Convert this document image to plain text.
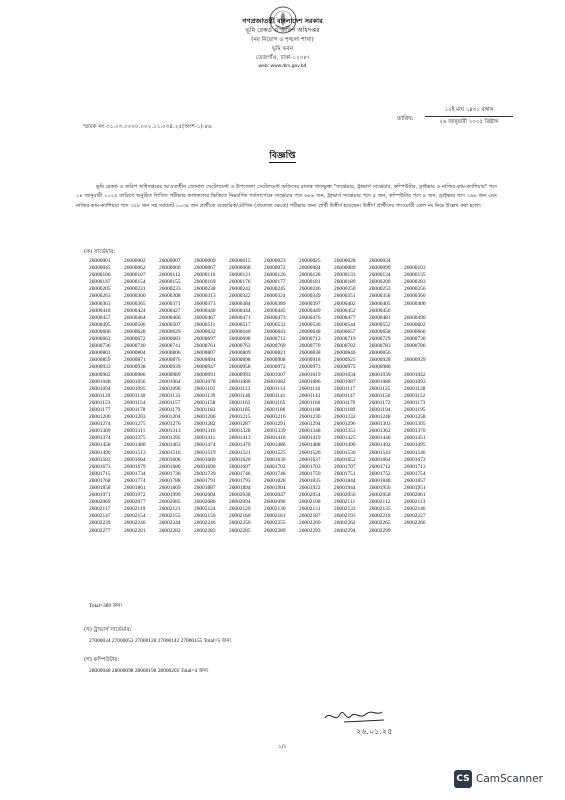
গণপ্রজাতন্ত্রী বাংলাদেশ সরকার
ভূমি রেকর্ড ও জরিপ অধিদপ্তর
(নব নিয়োগ ও শৃঙ্খলা শাখা)
ভূমি ভবন
তেজগাঁও, ঢাকা-১২০৮।
web: www.dlrs.gov.bd
স্মারক নং ৩১.০৩.০০০০.০০২.১১.০৩৪.২৫(অংশ-১)-৮৬
তারিখ:
১২ই মাঘ ১৪৩১ বঙ্গাব্দ
২৬ জানুয়ারী ২০২৫ খ্রিষ্টাব্দ
বিজ্ঞপ্তি
ভূমি রেকর্ড ও জরিপ অধিদপ্তরের আওতাধীন জোনাল সেটেলমেন্ট ও উপজেলা সেটেলমেন্ট অফিসের রাজস্ব খাতভুক্ত "সার্ভেয়ার, ট্রাভার্স সার্ভেয়ার, কম্পিউটার, ড্রাইভার ও নাজির-কাম-ক্যাশিয়ার" পদে ২৪ জানুয়ারী ২০২৫ তারিখে অনুষ্ঠিত লিখিত পরীক্ষার ফলাফলের ভিত্তিতে নিম্নবর্ণিত শর্তসাপেক্ষে সার্ভেয়ার পদে ৬৮৯ জন, ট্রাভার্স সার্ভেয়ার পদে ৫ জন, কম্পিউটার পদে ৪ জন, ড্রাইভার পদে ২৬৮ জন এবং নাজির-কাম-ক্যাশিয়ার পদে ৩২৮ জন সহ সর্বমোট ১০৩৪ জন প্রার্থীকে ব্যবহারিক/মৌখিক (প্রযোজ্য ক্ষেত্রে) পরীক্ষার জন্য প্রার্থী উত্তীর্ণ হয়েছেন। উত্তীর্ণ প্রার্থীদের পদওয়ারী রোল নং নিম্নে উল্লেখ করা হলো:
(ক) সার্ভেয়ার:
26000001	26000002	26000007	26000009	26000015	26000023	26000025	26000028	26000034
26000045	26000062	26000066	26000067	26000068	26000072	26000084	26000089	26000099	26000103
26000106	26000107	26000112	26000116	26000121	26000126	26000128	26000133	26000134	26000135
26000147	26000154	26000155	26000169	26000176	26000177	26000181	26000189	26000200	26000203
26000205	26000231	26000233	26000238	26000242	26000245	26000246	26000250	26000253	26000256
26000263	26000300	26000308	26000313	26000322	26000324	26000349	26000351	26000358	26000360
26000363	26000365	26000371	26000373	26000384	26000389	26000397	26000402	26000405	26000406
26000418	26000424	26000427	26000440	26000444	26000445	26000449	26000452	26000456
26000457	26000464	26000466	26000467	26000471	26000473	26000476	26000477	26000481	26000490
26000495	26000506	26000507	26000511	26000517	26000532	26000536	26000544	26000552	26000602
26000606	26000628	26000629	26000632	26000640	26000643	26000648	26000657	26000658	26000660
26000663	26000672	26000683	26000697	26000698	26000712	26000713	26000719	26000729	26000730
26000736	26000740	26000741	26000761	26000763	26000769	26000770	26000782	26000783	26000786
26000801	26000804	26000806	26000807	26000809	26000821	26000838	26000846	26000856
26000859	26000871	26000876	26000894	26000898	26000908	26000918	26000925	26000928	26000929
26000933	26000938	26000939	26000947	26000958	26000972	26000973	26000975	26000980
26000982	26000986	26000989	26000991	26000993	26001007	26001019	26001034	26001039	26001042
26001048	26001056	26001064	26001078	26001080	26001082	26001086	26001087	26001088	26001093
26001094	26001095	26001096	26001101	26001113	26001114	26001116	26001117	26001125	26001128
26001129	26001130	26001133	26001139	26001140	26001141	26001143	26001147	26001150	26001152
26001153	26001154	26001157	26001158	26001163	26001165	26001166	26001170	26001172	26001173
26001177	26001178	26001179	26001183	26001185	26001186	26001188	26001189	26001194	26001195
26001200	26001203	26001204	26001206	26001215	26001216	26001230	26001232	26001248	26001258
26001274	26001275	26001276	26001282	26001287	26001291	26001294	26001296	26001303	26001305
26001309	26001311	26001313	26001316	26001328	26001339	26001348	26001353	26001362	26001370
26001374	26001375	26001395	26001411	26001413	26001418	26001419	26001425	26001440	26001451
26001458	26001460	26001463	26001474	26001479	26001486	26001488	26001490	26001492	26001495
26001496	26001513	26001516	26001519	26001521	26001525	26001526	26001536	26001543	26001546
26001583	26001604	26001608	26001609	26001620	26001630	26001637	26001652	26001664	26001672
26001673	26001679	26001686	26001690	26001697	26001702	26001703	26001707	26001712	26001713
26001715	26001734	26001736	26001739	26001746	26001748	26001750	26001751	26001752	26001754
26001768	26001774	26001788	26001791	26001793	26001828	26001835	26001844	26001848	26001857
26001858	26001861	26001869	26001887	26001894	26001904	26001922	26001944	26001950	26001951
26001971	26001972	26001999	26002004	26002038	26002047	26002054	26002056	26002058	26002061
26002069	26002077	26002085	26002086	26002094	26002096	26002108	26002111	26002112	26002113
26002117	26002119	26002121	26002124	26002129	26002130	26002131	26002133	26002135	26002146
26002147	26002154	26002155	26002156	26002160	26002161	26002187	26002193	26002218	26002227
26002239	26002240	26002244	26002246	26002250	26002255	26002260	26002262	26002265	26002266
26002277	26002281	26002282	26002283	26002285	26002289	26002293	26002294	26002299
Total=389 জন।
(খ) ট্রাভার্স সার্ভেয়ার:
27000034 27000053 27000128 27000142 27000155 Total=5 জন।
(গ) কম্পিউটার:
28000048 28000098 28000198 28000205 Total=4 জন।
২৬.০১.২৫
১/১
CS CamScanner
